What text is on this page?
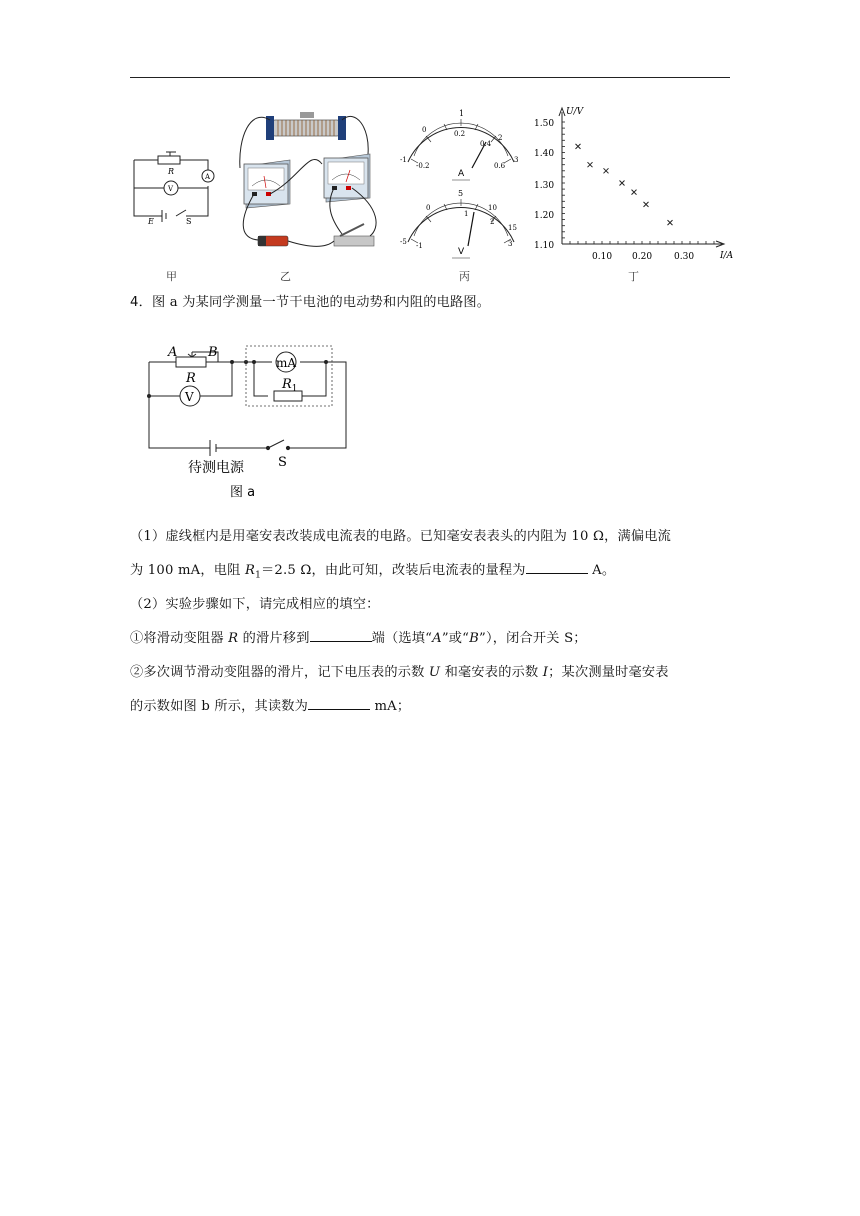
R
A
V
E	S
甲	乙
1
0	0.2
0.4
0.6
-1
-0.2
2
3
A
0
5
10
15
-5 -1
1
2
3
V
丙
U/V
I/A
1.50
1.40
1.30
1.20
1.10
0.10 0.20 0.30
丁
4．图 a 为某同学测量一节干电池的电动势和内阻的电路图。
A B
R
V
mA
$R_1$
S
待测电源
图 a
（1）虚线框内是用毫安表改装成电流表的电路。已知毫安表表头的内阻为 10 Ω，满偏电流
为 100 mA，电阻 $R_1=2.5$ Ω，由此可知，改装后电流表的量程为	A。
（2）实验步骤如下，请完成相应的填空：
①将滑动变阻器 R 的滑片移到	端（选填“A”或“B”），闭合开关 S；
②多次调节滑动变阻器的滑片，记下电压表的示数 U 和毫安表的示数 I；某次测量时毫安表
的示数如图 b 所示，其读数为	mA；
